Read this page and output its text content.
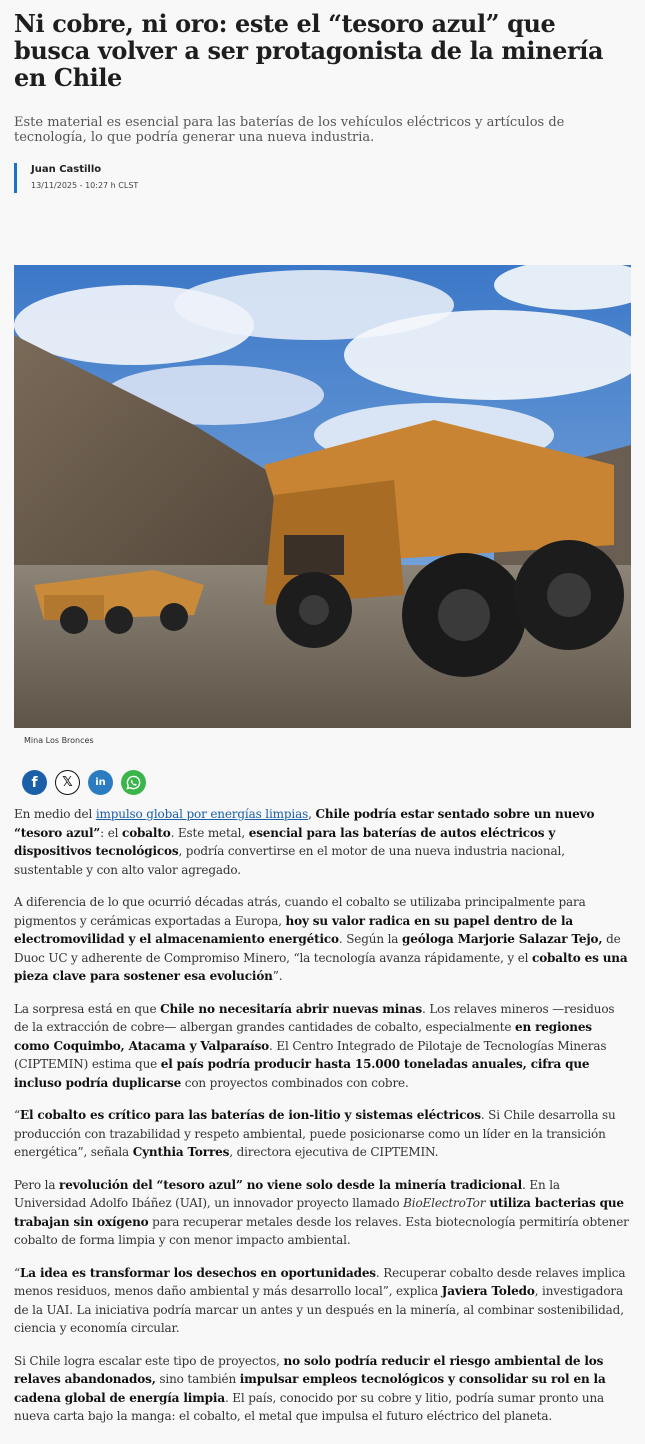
Ni cobre, ni oro: este el “tesoro azul” que busca volver a ser protagonista de la minería en Chile

Este material es esencial para las baterías de los vehículos eléctricos y artículos de tecnología, lo que podría generar una nueva industria.

Juan Castillo
13/11/2025 - 10:27 h CLST

Mina Los Bronces

f	𝕏	in

En medio del impulso global por energías limpias, Chile podría estar sentado sobre un nuevo “tesoro azul”: el cobalto. Este metal, esencial para las baterías de autos eléctricos y dispositivos tecnológicos, podría convertirse en el motor de una nueva industria nacional, sustentable y con alto valor agregado.

A diferencia de lo que ocurrió décadas atrás, cuando el cobalto se utilizaba principalmente para pigmentos y cerámicas exportadas a Europa, hoy su valor radica en su papel dentro de la electromovilidad y el almacenamiento energético. Según la geóloga Marjorie Salazar Tejo, de Duoc UC y adherente de Compromiso Minero, “la tecnología avanza rápidamente, y el cobalto es una pieza clave para sostener esa evolución”.

La sorpresa está en que Chile no necesitaría abrir nuevas minas. Los relaves mineros —residuos de la extracción de cobre— albergan grandes cantidades de cobalto, especialmente en regiones como Coquimbo, Atacama y Valparaíso. El Centro Integrado de Pilotaje de Tecnologías Mineras (CIPTEMIN) estima que el país podría producir hasta 15.000 toneladas anuales, cifra que incluso podría duplicarse con proyectos combinados con cobre.

“El cobalto es crítico para las baterías de ion-litio y sistemas eléctricos. Si Chile desarrolla su producción con trazabilidad y respeto ambiental, puede posicionarse como un líder en la transición energética”, señala Cynthia Torres, directora ejecutiva de CIPTEMIN.

Pero la revolución del “tesoro azul” no viene solo desde la minería tradicional. En la Universidad Adolfo Ibáñez (UAI), un innovador proyecto llamado BioElectroTor utiliza bacterias que trabajan sin oxígeno para recuperar metales desde los relaves. Esta biotecnología permitiría obtener cobalto de forma limpia y con menor impacto ambiental.

“La idea es transformar los desechos en oportunidades. Recuperar cobalto desde relaves implica menos residuos, menos daño ambiental y más desarrollo local”, explica Javiera Toledo, investigadora de la UAI. La iniciativa podría marcar un antes y un después en la minería, al combinar sostenibilidad, ciencia y economía circular.

Si Chile logra escalar este tipo de proyectos, no solo podría reducir el riesgo ambiental de los relaves abandonados, sino también impulsar empleos tecnológicos y consolidar su rol en la cadena global de energía limpia. El país, conocido por su cobre y litio, podría sumar pronto una nueva carta bajo la manga: el cobalto, el metal que impulsa el futuro eléctrico del planeta.
